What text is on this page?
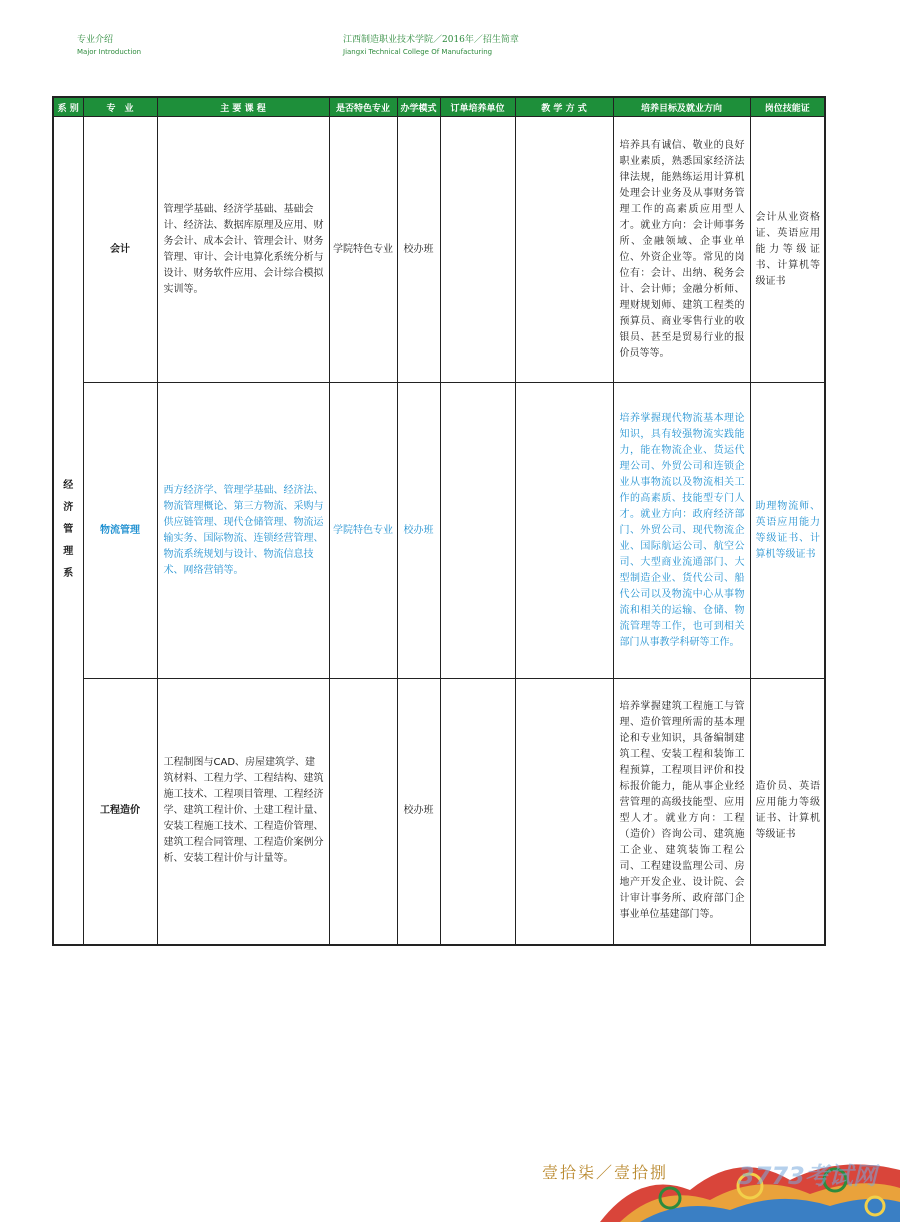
专业介绍
Major Introduction
江西制造职业技术学院／2016年／招生简章
Jiangxi Technical College Of Manufacturing
系 别	专　业	主 要 课 程	是否特色专业	办学模式	订单培养单位	教 学 方 式	培养目标及就业方向	岗位技能证
经济管理系	会计	管理学基础、经济学基础、基础会计、经济法、数据库原理及应用、财务会计、成本会计、管理会计、财务管理、审计、会计电算化系统分析与设计、财务软件应用、会计综合模拟实训等。	学院特色专业	校办班			培养具有诚信、敬业的良好职业素质，熟悉国家经济法律法规，能熟练运用计算机处理会计业务及从事财务管理工作的高素质应用型人才。就业方向：会计师事务所、金融领域、企事业单位、外资企业等。常见的岗位有：会计、出纳、税务会计、会计师；金融分析师、理财规划师、建筑工程类的预算员、商业零售行业的收银员、甚至是贸易行业的报价员等等。	会计从业资格证、英语应用能力等级证书、计算机等级证书
	物流管理	西方经济学、管理学基础、经济法、物流管理概论、第三方物流、采购与供应链管理、现代仓储管理、物流运输实务、国际物流、连锁经营管理、物流系统规划与设计、物流信息技术、网络营销等。	学院特色专业	校办班			培养掌握现代物流基本理论知识，具有较强物流实践能力，能在物流企业、货运代理公司、外贸公司和连锁企业从事物流以及物流相关工作的高素质、技能型专门人才。就业方向：政府经济部门、外贸公司、现代物流企业、国际航运公司、航空公司、大型商业流通部门、大型制造企业、货代公司、船代公司以及物流中心从事物流和相关的运输、仓储、物流管理等工作，也可到相关部门从事教学科研等工作。	助理物流师、英语应用能力等级证书、计算机等级证书
	工程造价	工程制图与CAD、房屋建筑学、建筑材料、工程力学、工程结构、建筑施工技术、工程项目管理、工程经济学、建筑工程计价、土建工程计量、安装工程施工技术、工程造价管理、建筑工程合同管理、工程造价案例分析、安装工程计价与计量等。		校办班			培养掌握建筑工程施工与管理、造价管理所需的基本理论和专业知识，具备编制建筑工程、安装工程和装饰工程预算，工程项目评价和投标报价能力，能从事企业经营管理的高级技能型、应用型人才。就业方向：工程（造价）咨询公司、建筑施工企业、建筑装饰工程公司、工程建设监理公司、房地产开发企业、设计院、会计审计事务所、政府部门企事业单位基建部门等。	造价员、英语应用能力等级证书、计算机等级证书
壹拾柒／壹拾捌	3773考试网
